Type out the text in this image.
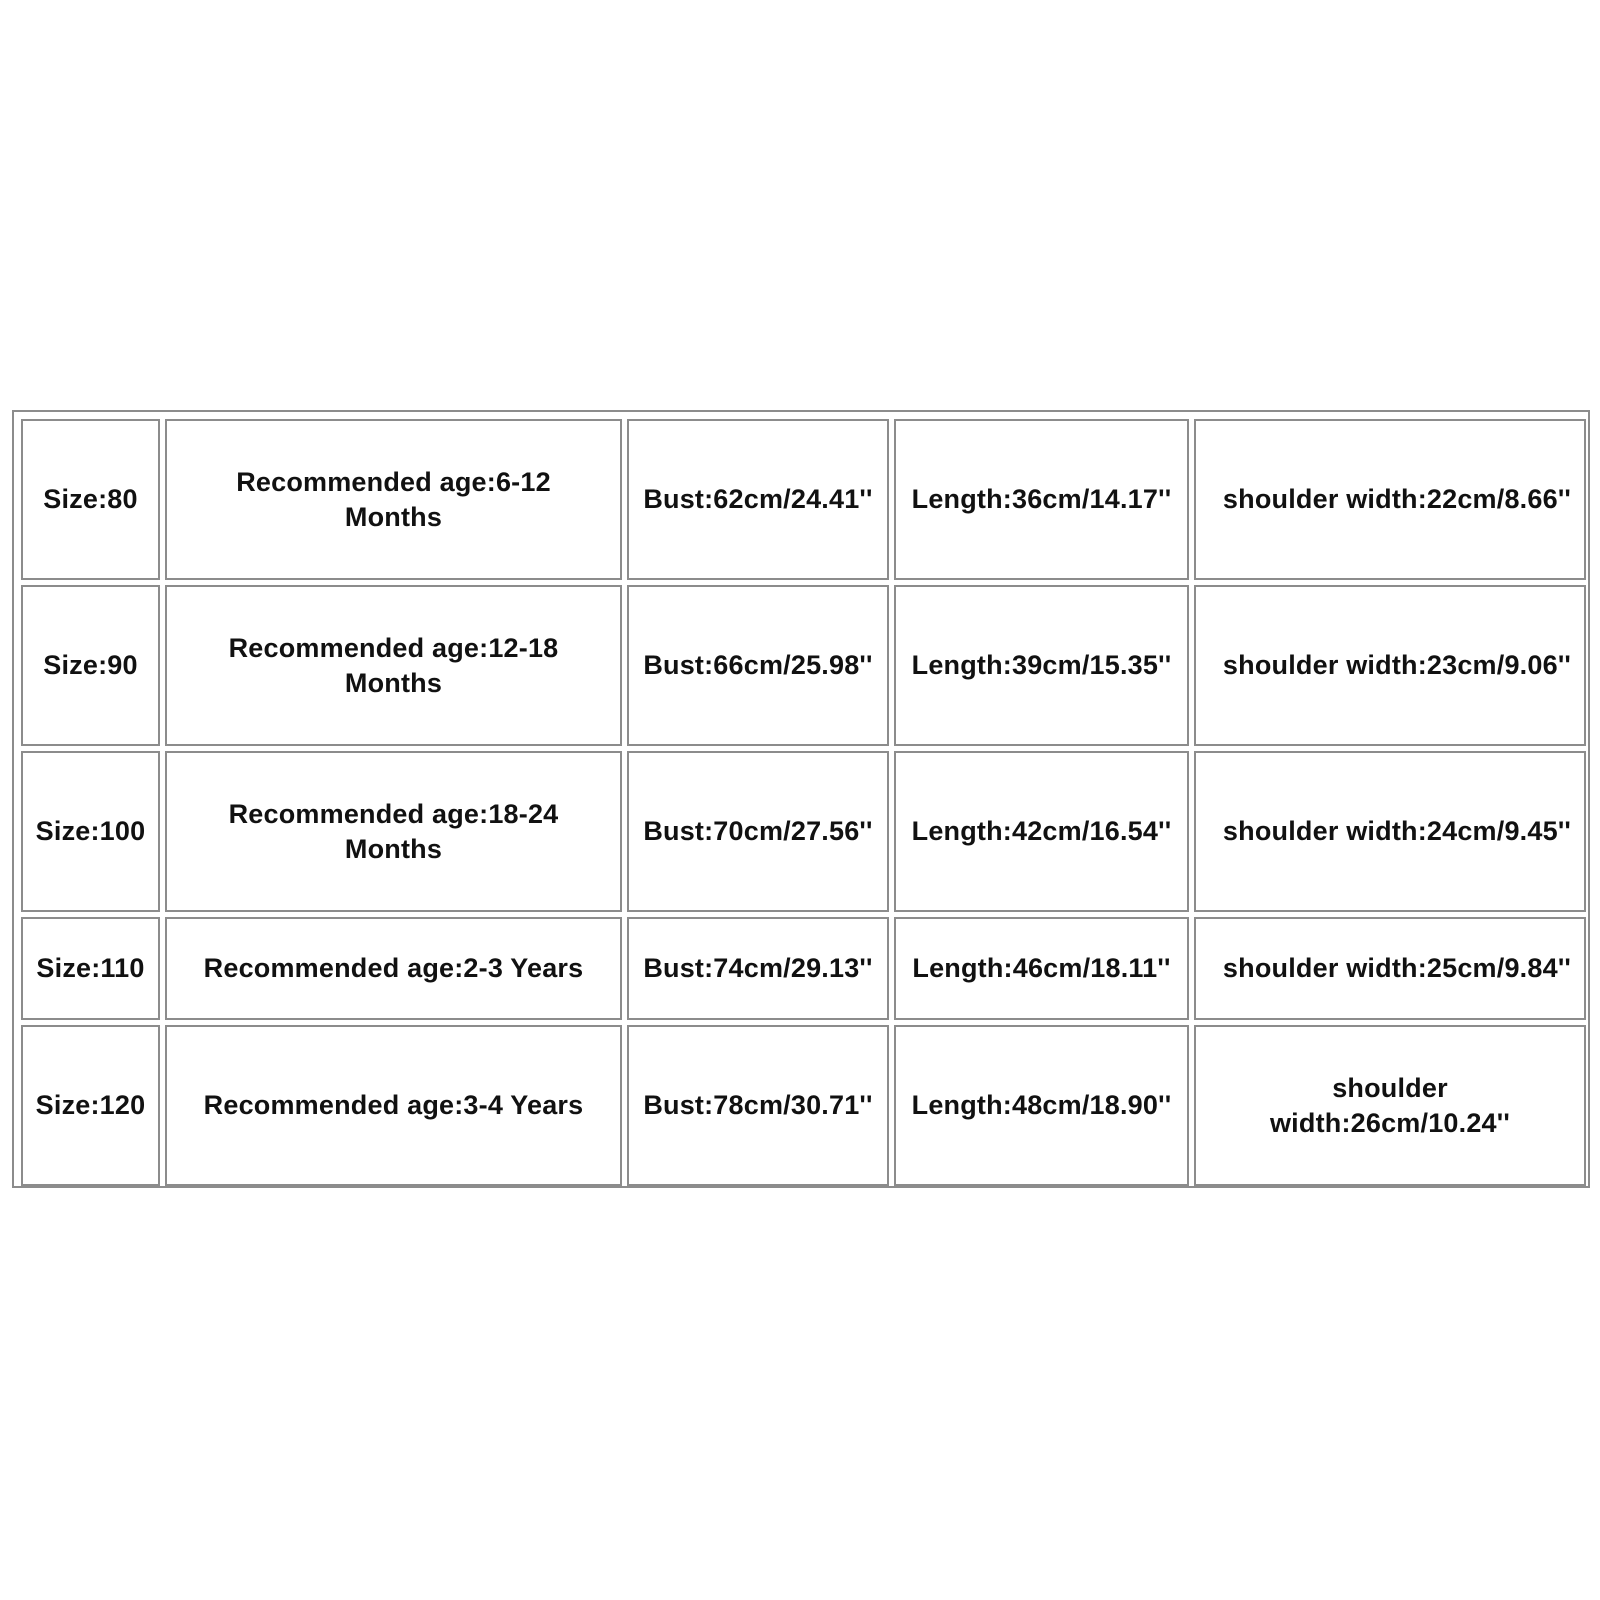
Size:80	Recommended age:6-12 Months	Bust:62cm/24.41''	Length:36cm/14.17''	shoulder width:22cm/8.66''
Size:90	Recommended age:12-18 Months	Bust:66cm/25.98''	Length:39cm/15.35''	shoulder width:23cm/9.06''
Size:100	Recommended age:18-24 Months	Bust:70cm/27.56''	Length:42cm/16.54''	shoulder width:24cm/9.45''
Size:110	Recommended age:2-3 Years	Bust:74cm/29.13''	Length:46cm/18.11''	shoulder width:25cm/9.84''
Size:120	Recommended age:3-4 Years	Bust:78cm/30.71''	Length:48cm/18.90''	shoulder width:26cm/10.24''
